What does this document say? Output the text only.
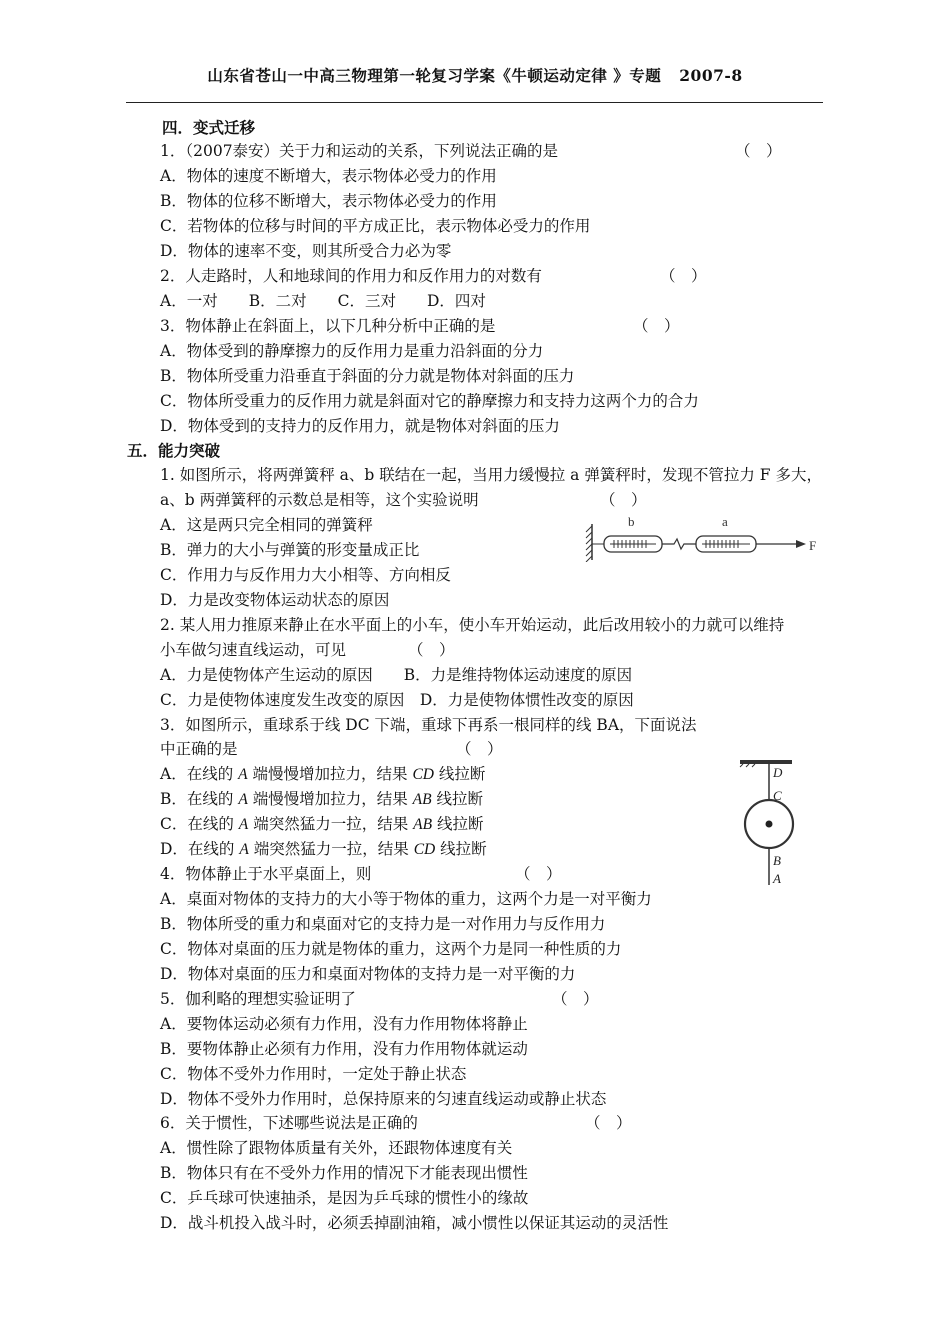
山东省苍山一中高三物理第一轮复习学案《牛顿运动定律 》专题 2007-8
四．变式迁移
1．（2007泰安）关于力和运动的关系，下列说法正确的是	（　）
A．物体的速度不断增大，表示物体必受力的作用
B．物体的位移不断增大，表示物体必受力的作用
C．若物体的位移与时间的平方成正比，表示物体必受力的作用
D．物体的速率不变，则其所受合力必为零
2．人走路时，人和地球间的作用力和反作用力的对数有	（　）
A．一对　　B．二对　　C．三对　　D．四对
3．物体静止在斜面上，以下几种分析中正确的是	（　）
A．物体受到的静摩擦力的反作用力是重力沿斜面的分力
B．物体所受重力沿垂直于斜面的分力就是物体对斜面的压力
C．物体所受重力的反作用力就是斜面对它的静摩擦力和支持力这两个力的合力
D．物体受到的支持力的反作用力，就是物体对斜面的压力
五．能力突破
1. 如图所示，将两弹簧秤 a、b 联结在一起，当用力缓慢拉 a 弹簧秤时，发现不管拉力 F 多大，
a、b 两弹簧秤的示数总是相等，这个实验说明	（　）
A．这是两只完全相同的弹簧秤
B．弹力的大小与弹簧的形变量成正比
C．作用力与反作用力大小相等、方向相反
D．力是改变物体运动状态的原因
b	a
F
2. 某人用力推原来静止在水平面上的小车，使小车开始运动，此后改用较小的力就可以维持
小车做匀速直线运动，可见	（　）
A．力是使物体产生运动的原因　　B．力是维持物体运动速度的原因
C．力是使物体速度发生改变的原因　D．力是使物体惯性改变的原因
3．如图所示，重球系于线 DC 下端，重球下再系一根同样的线 BA，下面说法
中正确的是	（　）
A．在线的 A 端慢慢增加拉力，结果 CD 线拉断
B．在线的 A 端慢慢增加拉力，结果 AB 线拉断
C．在线的 A 端突然猛力一拉，结果 AB 线拉断
D．在线的 A 端突然猛力一拉，结果 CD 线拉断
D
C
B
A
4．物体静止于水平桌面上，则	（　）
A．桌面对物体的支持力的大小等于物体的重力，这两个力是一对平衡力
B．物体所受的重力和桌面对它的支持力是一对作用力与反作用力
C．物体对桌面的压力就是物体的重力，这两个力是同一种性质的力
D．物体对桌面的压力和桌面对物体的支持力是一对平衡的力
5．伽利略的理想实验证明了	（　）
A．要物体运动必须有力作用，没有力作用物体将静止
B．要物体静止必须有力作用，没有力作用物体就运动
C．物体不受外力作用时，一定处于静止状态
D．物体不受外力作用时，总保持原来的匀速直线运动或静止状态
6．关于惯性，下述哪些说法是正确的	（　）
A．惯性除了跟物体质量有关外，还跟物体速度有关
B．物体只有在不受外力作用的情况下才能表现出惯性
C．乒乓球可快速抽杀，是因为乒乓球的惯性小的缘故
D．战斗机投入战斗时，必须丢掉副油箱，减小惯性以保证其运动的灵活性
